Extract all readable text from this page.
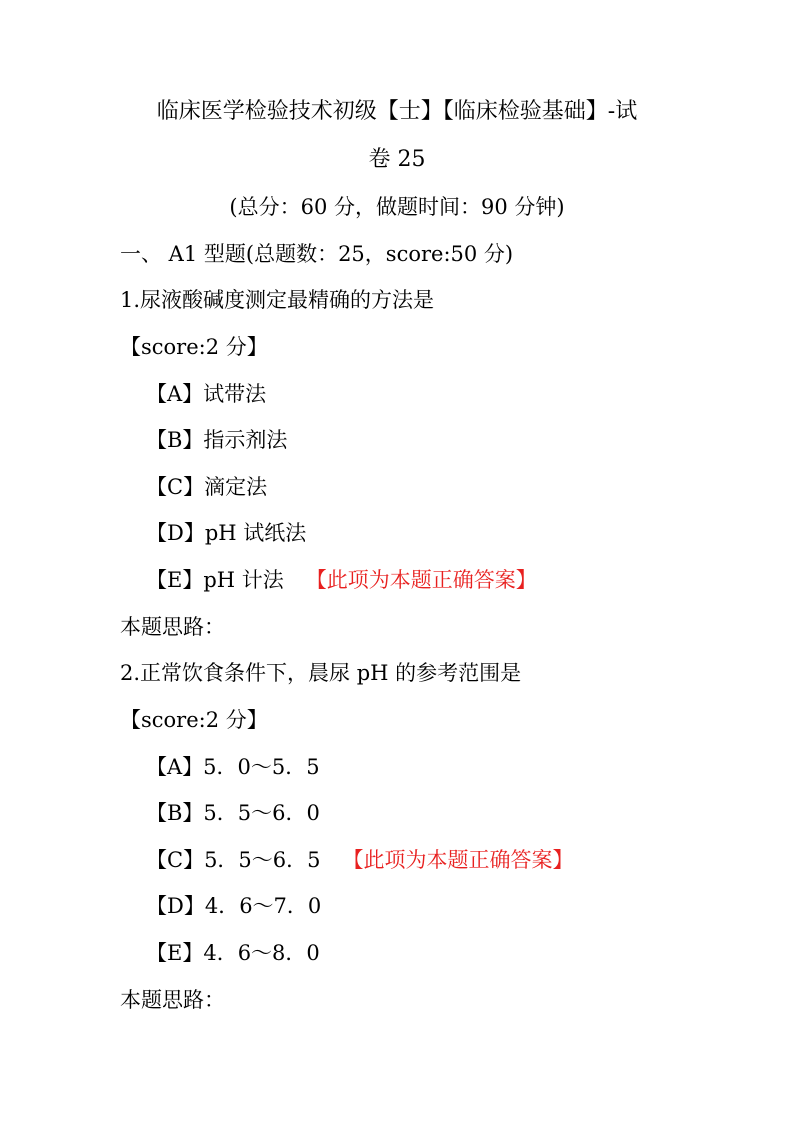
临床医学检验技术初级【士】【临床检验基础】-试
卷 25
(总分：60 分，做题时间：90 分钟)
一、 A1 型题(总题数：25，score:50 分)
1.尿液酸碱度测定最精确的方法是
【score:2 分】
【A】试带法
【B】指示剂法
【C】滴定法
【D】pH 试纸法
【E】pH 计法 【此项为本题正确答案】
本题思路：
2.正常饮食条件下，晨尿 pH 的参考范围是
【score:2 分】
【A】5．0～5．5
【B】5．5～6．0
【C】5．5～6．5 【此项为本题正确答案】
【D】4．6～7．0
【E】4．6～8．0
本题思路：
